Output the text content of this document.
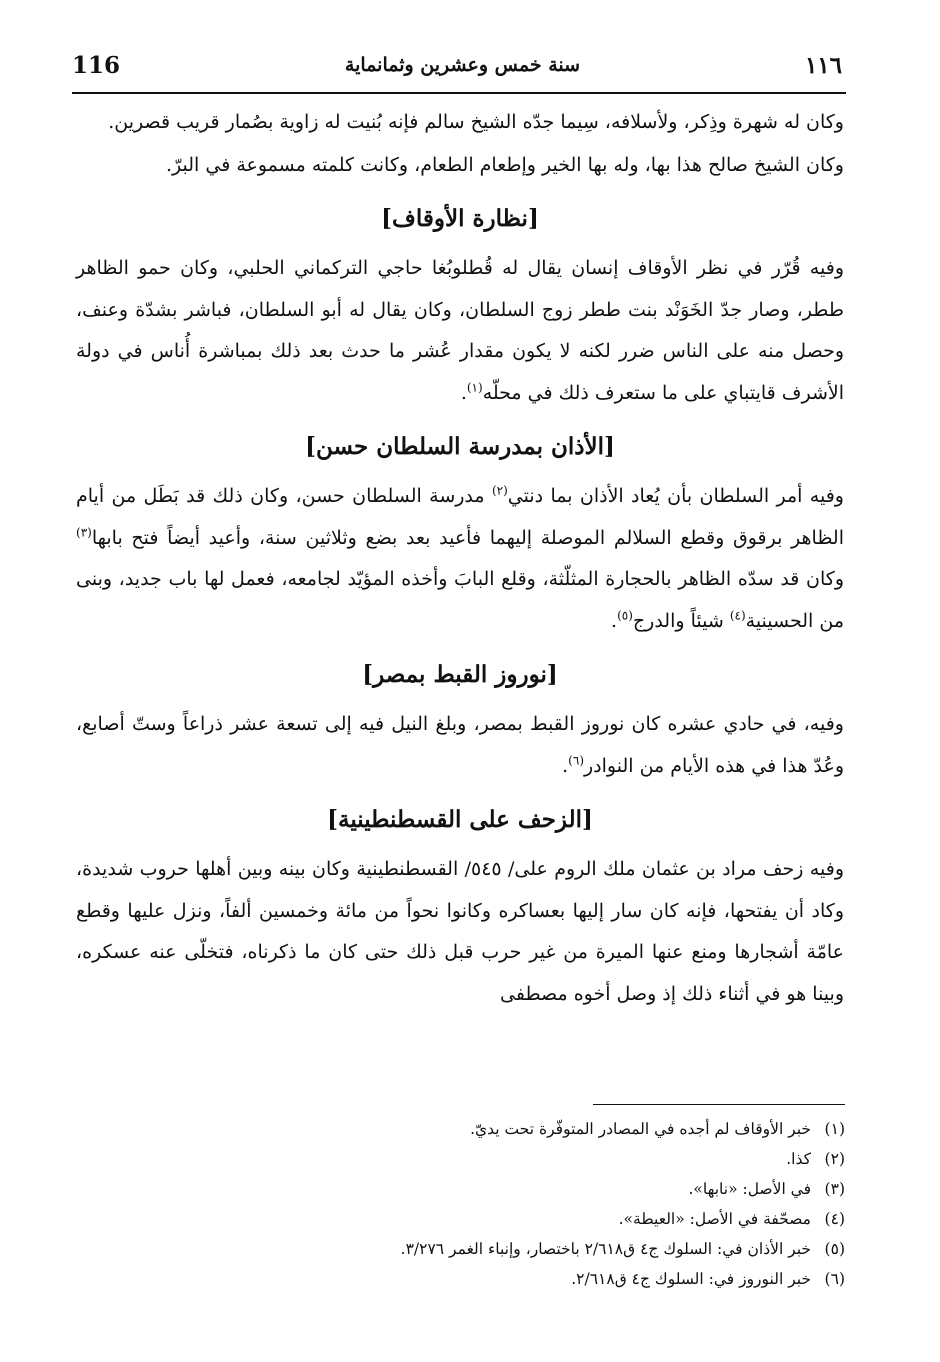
١١٦
سنة خمس وعشرين وثمانماية
116

وكان له شهرة وذِكر، ولأسلافه، سِيما جدّه الشيخ سالم فإنه بُنيت له زاوية بصُمار قريب قصرين.

وكان الشيخ صالح هذا بها، وله بها الخير وإطعام الطعام، وكانت كلمته مسموعة في البرّ.

[نظارة الأوقاف]

وفيه قُرّر في نظر الأوقاف إنسان يقال له قُطلوبُغا حاجي التركماني الحلبي، وكان حمو الظاهر ططر، وصار جدّ الخَوَنْد بنت ططر زوج السلطان، وكان يقال له أبو السلطان، فباشر بشدّة وعنف، وحصل منه على الناس ضرر لكنه لا يكون مقدار عُشر ما حدث بعد ذلك بمباشرة أُناس في دولة الأشرف قايتباي على ما ستعرف ذلك في محلّه$^{(١)}$.

[الأذان بمدرسة السلطان حسن]

وفيه أمر السلطان بأن يُعاد الأذان بما دنتي$^{(٢)}$ مدرسة السلطان حسن، وكان ذلك قد بَطَل من أيام الظاهر برقوق وقطع السلالم الموصلة إليهما فأعيد بعد بضع وثلاثين سنة، وأعيد أيضاً فتح بابها$^{(٣)}$ وكان قد سدّه الظاهر بالحجارة المثلّثة، وقلع البابَ وأخذه المؤيّد لجامعه، فعمل لها باب جديد، وبنى من الحسينية$^{(٤)}$ شيئاً والدرج$^{(٥)}$.

[نوروز القبط بمصر]

وفيه، في حادي عشره كان نوروز القبط بمصر، وبلغ النيل فيه إلى تسعة عشر ذراعاً وستّ أصابع، وعُدّ هذا في هذه الأيام من النوادر$^{(٦)}$.

[الزحف على القسطنطينية]

وفيه زحف مراد بن عثمان ملك الروم على/ ٥٤٥/ القسطنطينية وكان بينه وبين أهلها حروب شديدة، وكاد أن يفتحها، فإنه كان سار إليها بعساكره وكانوا نحواً من مائة وخمسين ألفاً، ونزل عليها وقطع عامّة أشجارها ومنع عنها الميرة من غير حرب قبل ذلك حتى كان ما ذكرناه، فتخلّى عنه عسكره، وبينا هو في أثناء ذلك إذ وصل أخوه مصطفى

(١)
خبر الأوقاف لم أجده في المصادر المتوفّرة تحت يديّ.
(٢)
كذا.
(٣)
في الأصل: «نابها».
(٤)
مصحّفة في الأصل: «العيطة».
(٥)
خبر الأذان في: السلوك ج٤ ق٢/٦١٨ باختصار، وإنباء الغمر ٣/٢٧٦.
(٦)
خبر النوروز في: السلوك ج٤ ق٢/٦١٨.
